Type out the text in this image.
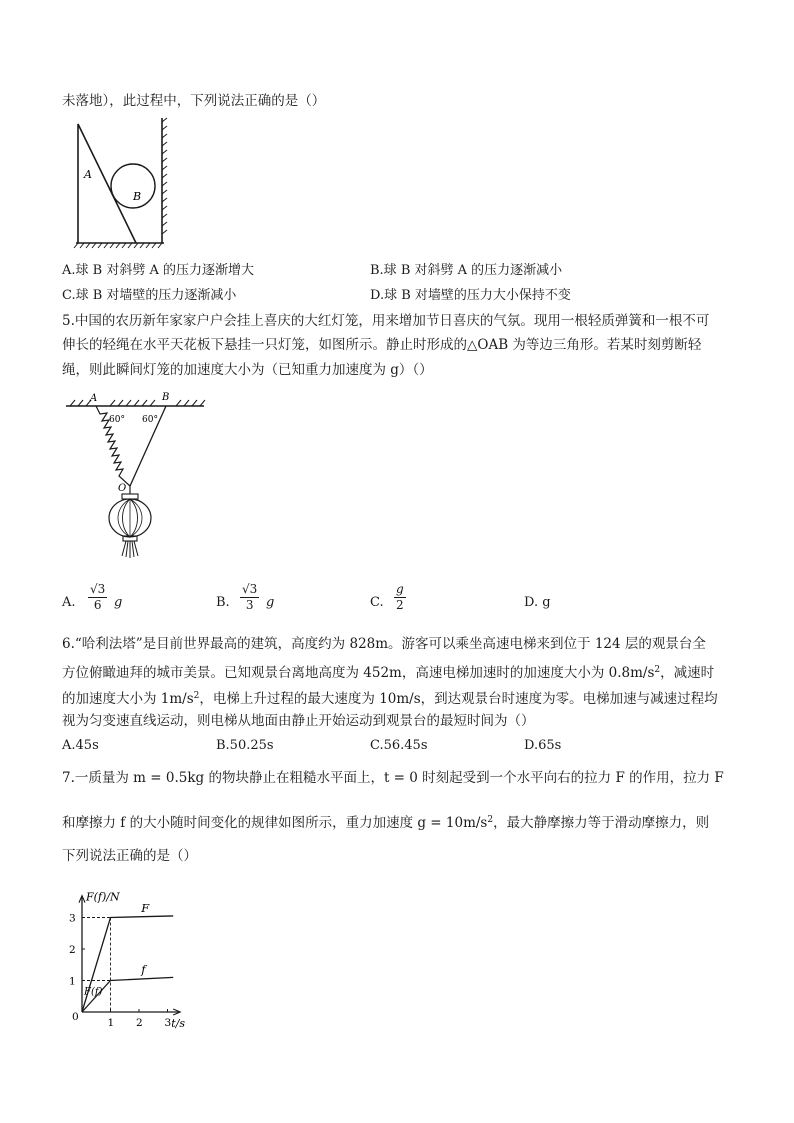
未落地），此过程中，下列说法正确的是（）
A
B
A.球 B 对斜劈 A 的压力逐渐增大	B.球 B 对斜劈 A 的压力逐渐减小
C.球 B 对墙壁的压力逐渐减小	D.球 B 对墙壁的压力大小保持不变
5.中国的农历新年家家户户会挂上喜庆的大红灯笼，用来增加节日喜庆的气氛。现用一根轻质弹簧和一根不可
伸长的轻绳在水平天花板下悬挂一只灯笼，如图所示。静止时形成的△OAB 为等边三角形。若某时刻剪断轻
绳，则此瞬间灯笼的加速度大小为（已知重力加速度为 g）（）
A	B
60° 60°
O
A. $\frac{√3}{6}$ g	B. $\frac{√3}{3}$ g	C. $\frac{g}{2}$	D. g
6.“哈利法塔”是目前世界最高的建筑，高度约为 828m。游客可以乘坐高速电梯来到位于 124 层的观景台全
方位俯瞰迪拜的城市美景。已知观景台离地高度为 452m，高速电梯加速时的加速度大小为 $0.8m/s^2$，减速时
的加速度大小为 $1m/s^2$，电梯上升过程的最大速度为 10m/s，到达观景台时速度为零。电梯加速与减速过程均
视为匀变速直线运动，则电梯从地面由静止开始运动到观景台的最短时间为（）
A.45s	B.50.25s	C.56.45s	D.65s
7.一质量为 m = 0.5kg 的物块静止在粗糙水平面上，t = 0 时刻起受到一个水平向右的拉力 F 的作用，拉力 F
和摩擦力 f 的大小随时间变化的规律如图所示，重力加速度 $g = 10m/s^2$，最大静摩擦力等于滑动摩擦力，则
下列说法正确的是（）
F(f)/N
t/s
0	1 2 3
1
2
3
F
f
F(f)
